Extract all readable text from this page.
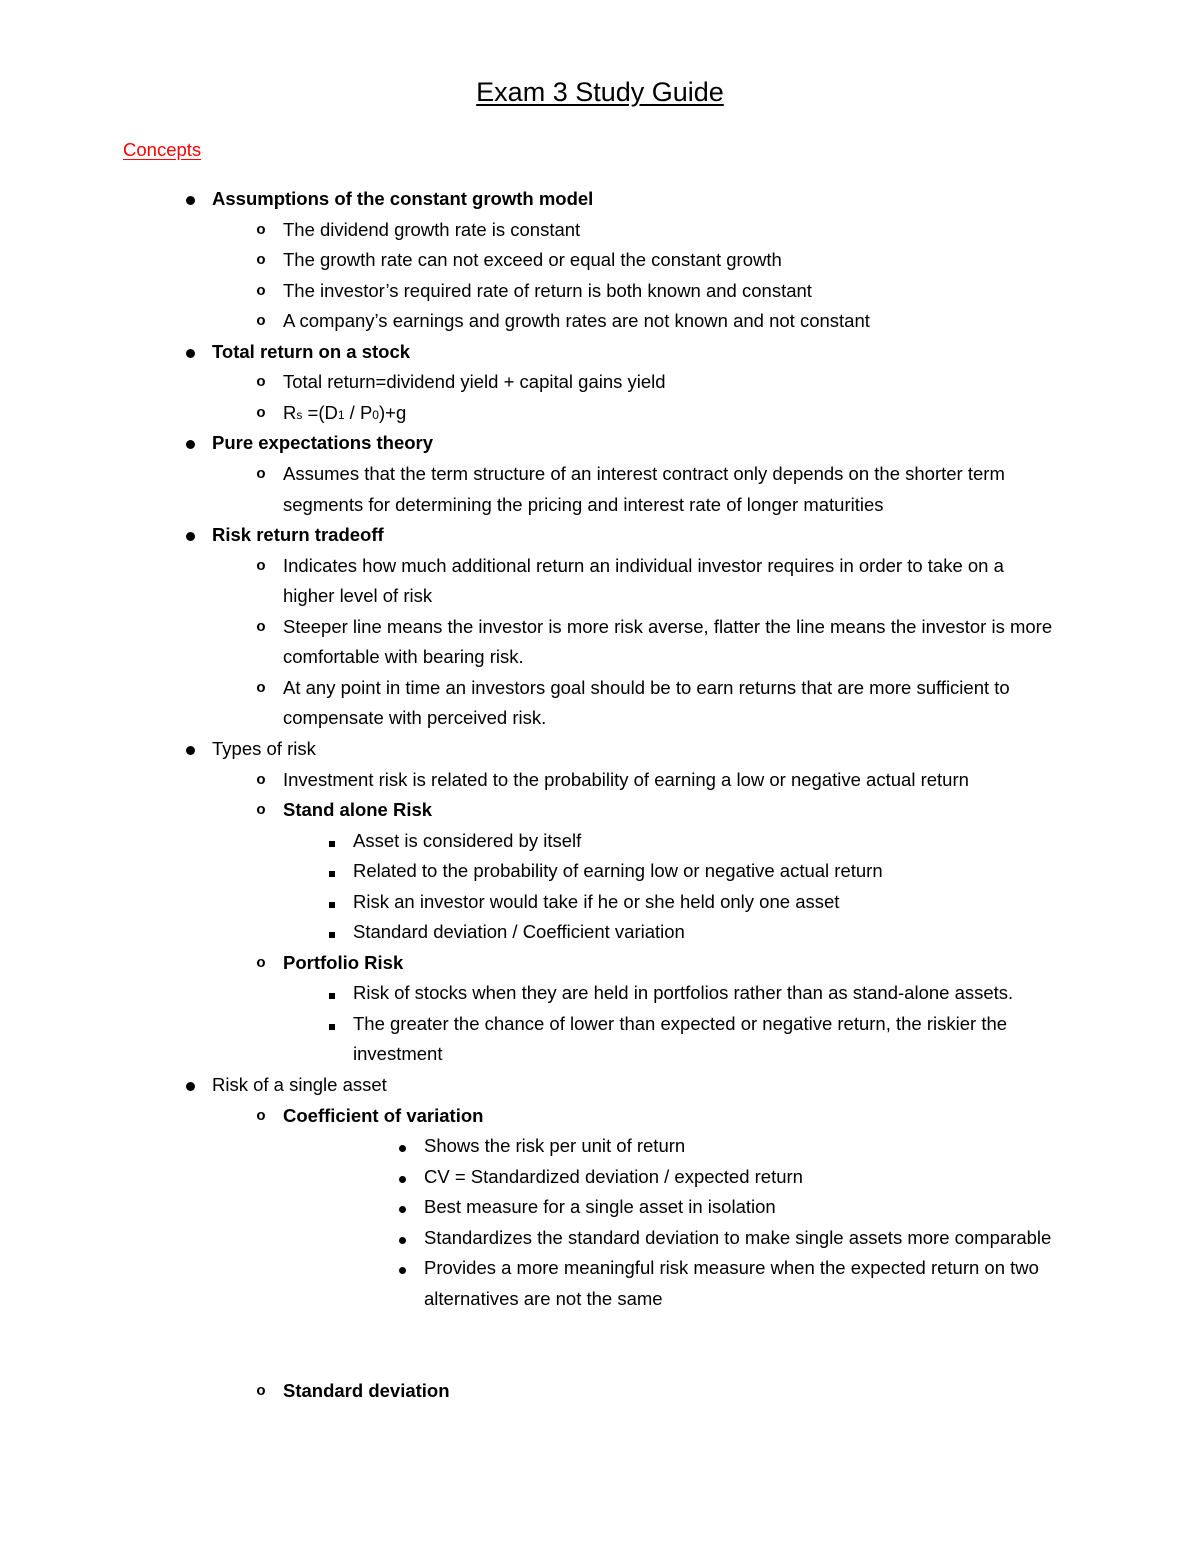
Exam 3 Study Guide
Concepts
Assumptions of the constant growth model
o The dividend growth rate is constant
o The growth rate can not exceed or equal the constant growth
o The investor’s required rate of return is both known and constant
o A company’s earnings and growth rates are not known and not constant
Total return on a stock
o Total return=dividend yield + capital gains yield
o Rs =(D1 / P0)+g
Pure expectations theory
o Assumes that the term structure of an interest contract only depends on the shorter term
segments for determining the pricing and interest rate of longer maturities
Risk return tradeoff
o Indicates how much additional return an individual investor requires in order to take on a
higher level of risk
o Steeper line means the investor is more risk averse, flatter the line means the investor is more
comfortable with bearing risk.
o At any point in time an investors goal should be to earn returns that are more sufficient to
compensate with perceived risk.
Types of risk
o Investment risk is related to the probability of earning a low or negative actual return
o Stand alone Risk
Asset is considered by itself
Related to the probability of earning low or negative actual return
Risk an investor would take if he or she held only one asset
Standard deviation / Coefficient variation
o Portfolio Risk
Risk of stocks when they are held in portfolios rather than as stand-alone assets.
The greater the chance of lower than expected or negative return, the riskier the
investment
Risk of a single asset
o Coefficient of variation
Shows the risk per unit of return
CV = Standardized deviation / expected return
Best measure for a single asset in isolation
Standardizes the standard deviation to make single assets more comparable
Provides a more meaningful risk measure when the expected return on two
alternatives are not the same
o Standard deviation
